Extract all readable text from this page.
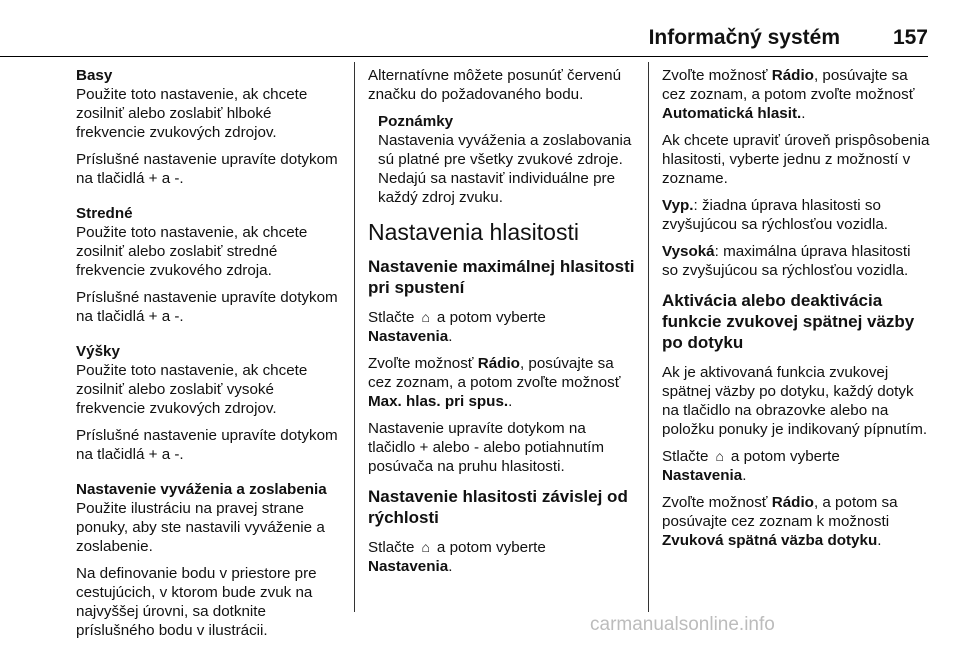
Informačný systém	157
Basy

Použite toto nastavenie, ak chcete zosilniť alebo zoslabiť hlboké frekvencie zvukových zdrojov.

Príslušné nastavenie upravíte dotykom na tlačidlá + a -.

Stredné

Použite toto nastavenie, ak chcete zosilniť alebo zoslabiť stredné frekvencie zvukového zdroja.

Príslušné nastavenie upravíte dotykom na tlačidlá + a -.

Výšky

Použite toto nastavenie, ak chcete zosilniť alebo zoslabiť vysoké frekvencie zvukových zdrojov.

Príslušné nastavenie upravíte dotykom na tlačidlá + a -.

Nastavenie vyváženia a zoslabenia

Použite ilustráciu na pravej strane ponuky, aby ste nastavili vyváženie a zoslabenie.

Na definovanie bodu v priestore pre cestujúcich, v ktorom bude zvuk na najvyššej úrovni, sa dotknite príslušného bodu v ilustrácii.

Alternatívne môžete posunúť červenú značku do požadovaného bodu.

Poznámky
Nastavenia vyváženia a zoslabovania sú platné pre všetky zvukové zdroje. Nedajú sa nastaviť individuálne pre každý zdroj zvuku.
Nastavenia hlasitosti
Nastavenie maximálnej hlasitosti pri spustení

Stlačte ⌂ a potom vyberte
Nastavenia.

Zvoľte možnosť Rádio, posúvajte sa cez zoznam, a potom zvoľte možnosť Max. hlas. pri spus..

Nastavenie upravíte dotykom na tlačidlo + alebo - alebo potiahnutím posúvača na pruhu hlasitosti.

Nastavenie hlasitosti závislej od rýchlosti

Stlačte ⌂ a potom vyberte
Nastavenia.

Zvoľte možnosť Rádio, posúvajte sa cez zoznam, a potom zvoľte možnosť Automatická hlasit..

Ak chcete upraviť úroveň prispôsobenia hlasitosti, vyberte jednu z možností v zozname.

Vyp.: žiadna úprava hlasitosti so zvyšujúcou sa rýchlosťou vozidla.

Vysoká: maximálna úprava hlasitosti so zvyšujúcou sa rýchlosťou vozidla.

Aktivácia alebo deaktivácia funkcie zvukovej spätnej väzby po dotyku

Ak je aktivovaná funkcia zvukovej spätnej väzby po dotyku, každý dotyk na tlačidlo na obrazovke alebo na položku ponuky je indikovaný pípnutím.

Stlačte ⌂ a potom vyberte
Nastavenia.

Zvoľte možnosť Rádio, a potom sa posúvajte cez zoznam k možnosti Zvuková spätná väzba dotyku.

carmanualsonline.info
